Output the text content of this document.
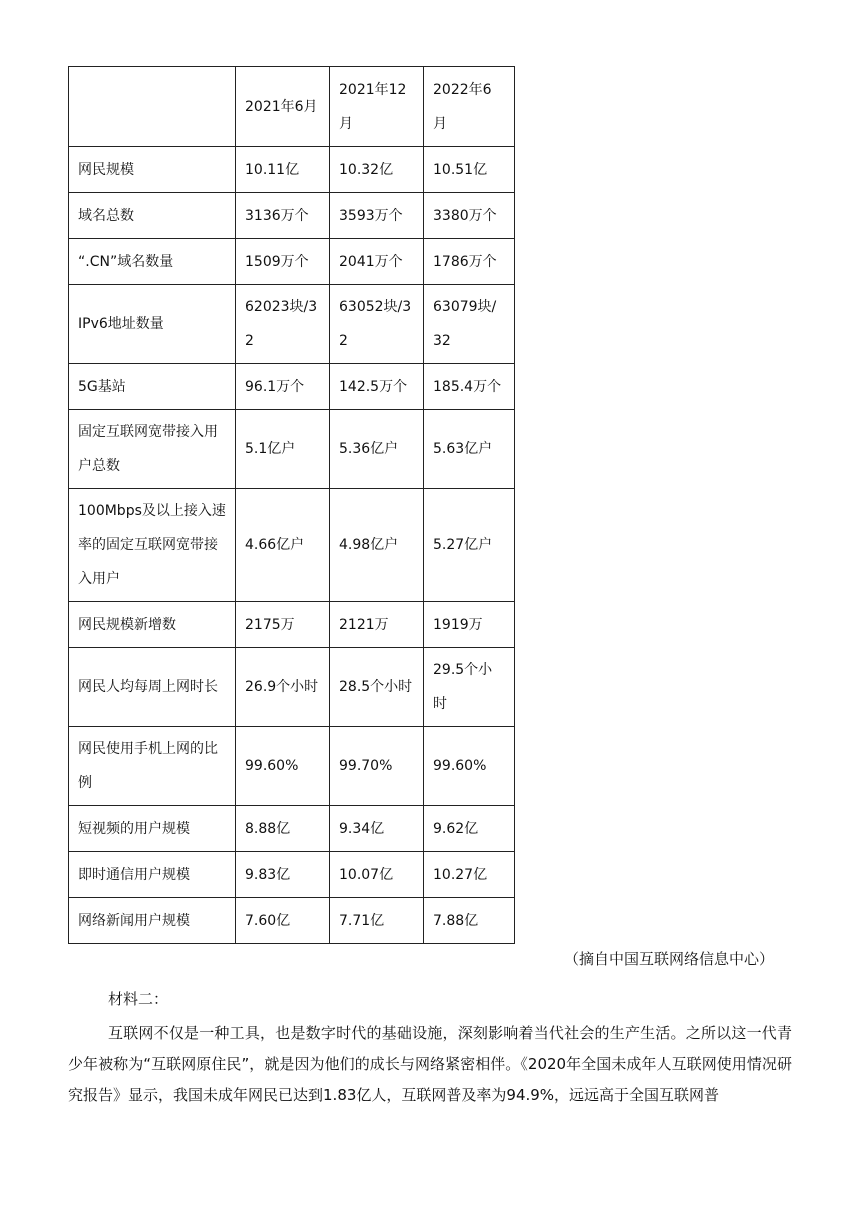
	2021年6月	2021年12月	2022年6月
网民规模	10.11亿	10.32亿	10.51亿
域名总数	3136万个	3593万个	3380万个
“.CN”域名数量	1509万个	2041万个	1786万个
IPv6地址数量	62023块/32	63052块/32	63079块/32
5G基站	96.1万个	142.5万个	185.4万个
固定互联网宽带接入用户总数	5.1亿户	5.36亿户	5.63亿户
100Mbps及以上接入速率的固定互联网宽带接入用户	4.66亿户	4.98亿户	5.27亿户
网民规模新增数	2175万	2121万	1919万
网民人均每周上网时长	26.9个小时	28.5个小时	29.5个小时
网民使用手机上网的比例	99.60%	99.70%	99.60%
短视频的用户规模	8.88亿	9.34亿	9.62亿
即时通信用户规模	9.83亿	10.07亿	10.27亿
网络新闻用户规模	7.60亿	7.71亿	7.88亿
（摘自中国互联网络信息中心）
材料二：
互联网不仅是一种工具，也是数字时代的基础设施，深刻影响着当代社会的生产生活。之所以这一代青少年被称为“互联网原住民”，就是因为他们的成长与网络紧密相伴。《2020年全国未成年人互联网使用情况研究报告》显示，我国未成年网民已达到1.83亿人，互联网普及率为94.9%，远远高于全国互联网普
